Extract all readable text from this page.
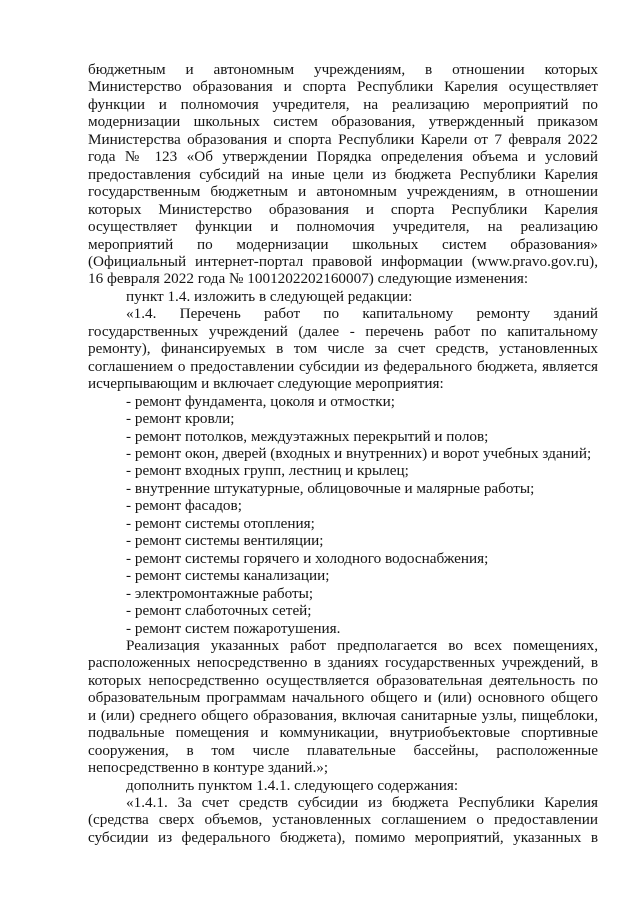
бюджетным и автономным учреждениям, в отношении которых
Министерство образования и спорта Республики Карелия осуществляет
функции и полномочия учредителя, на реализацию мероприятий по
модернизации школьных систем образования, утвержденный приказом
Министерства образования и спорта Республики Карели от 7 февраля 2022
года № 123 «Об утверждении Порядка определения объема и условий
предоставления субсидий на иные цели из бюджета Республики Карелия
государственным бюджетным и автономным учреждениям, в отношении
которых Министерство образования и спорта Республики Карелия
осуществляет функции и полномочия учредителя, на реализацию
мероприятий по модернизации школьных систем образования»
(Официальный интернет-портал правовой информации (www.pravo.gov.ru),
16 февраля 2022 года № 1001202202160007) следующие изменения:
пункт 1.4. изложить в следующей редакции:
«1.4. Перечень работ по капитальному ремонту зданий
государственных учреждений (далее - перечень работ по капитальному
ремонту), финансируемых в том числе за счет средств, установленных
соглашением о предоставлении субсидии из федерального бюджета, является
исчерпывающим и включает следующие мероприятия:
- ремонт фундамента, цоколя и отмостки;
- ремонт кровли;
- ремонт потолков, междуэтажных перекрытий и полов;
- ремонт окон, дверей (входных и внутренних) и ворот учебных зданий;
- ремонт входных групп, лестниц и крылец;
- внутренние штукатурные, облицовочные и малярные работы;
- ремонт фасадов;
- ремонт системы отопления;
- ремонт системы вентиляции;
- ремонт системы горячего и холодного водоснабжения;
- ремонт системы канализации;
- электромонтажные работы;
- ремонт слаботочных сетей;
- ремонт систем пожаротушения.
Реализация указанных работ предполагается во всех помещениях,
расположенных непосредственно в зданиях государственных учреждений, в
которых непосредственно осуществляется образовательная деятельность по
образовательным программам начального общего и (или) основного общего
и (или) среднего общего образования, включая санитарные узлы, пищеблоки,
подвальные помещения и коммуникации, внутриобъектовые спортивные
сооружения, в том числе плавательные бассейны, расположенные
непосредственно в контуре зданий.»;
дополнить пунктом 1.4.1. следующего содержания:
«1.4.1. За счет средств субсидии из бюджета Республики Карелия
(средства сверх объемов, установленных соглашением о предоставлении
субсидии из федерального бюджета), помимо мероприятий, указанных в
